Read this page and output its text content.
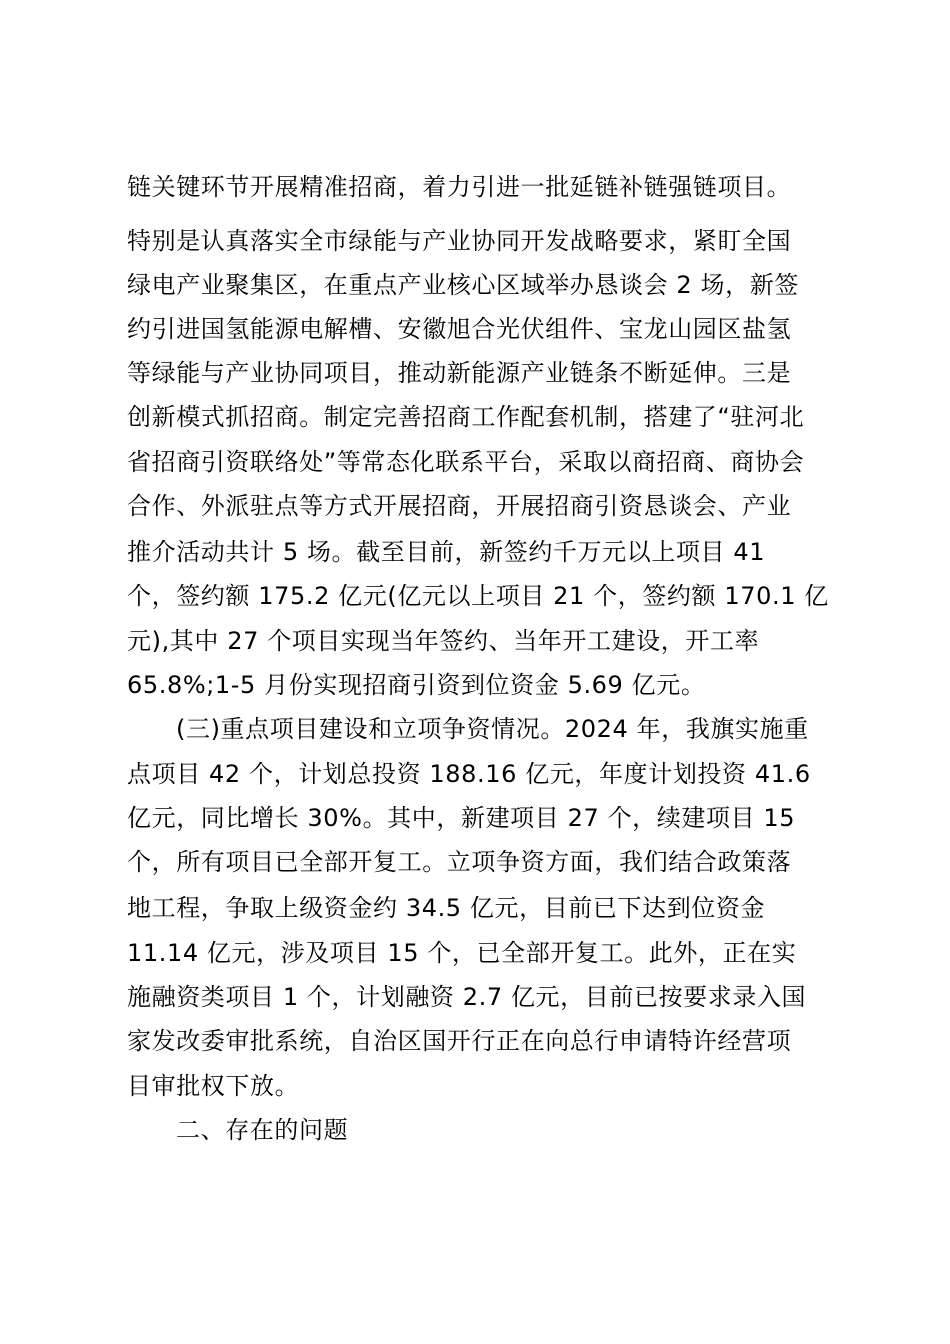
链关键环节开展精准招商，着力引进一批延链补链强链项目。
特别是认真落实全市绿能与产业协同开发战略要求，紧盯全国
绿电产业聚集区，在重点产业核心区域举办恳谈会 2 场，新签
约引进国氢能源电解槽、安徽旭合光伏组件、宝龙山园区盐氢
等绿能与产业协同项目，推动新能源产业链条不断延伸。三是
创新模式抓招商。制定完善招商工作配套机制，搭建了“驻河北
省招商引资联络处”等常态化联系平台，采取以商招商、商协会
合作、外派驻点等方式开展招商，开展招商引资恳谈会、产业
推介活动共计 5 场。截至目前，新签约千万元以上项目 41
个，签约额 175.2 亿元(亿元以上项目 21 个，签约额 170.1 亿
元),其中 27 个项目实现当年签约、当年开工建设，开工率
65.8%;1-5 月份实现招商引资到位资金 5.69 亿元。
(三)重点项目建设和立项争资情况。2024 年，我旗实施重
点项目 42 个，计划总投资 188.16 亿元，年度计划投资 41.6
亿元，同比增长 30%。其中，新建项目 27 个，续建项目 15
个，所有项目已全部开复工。立项争资方面，我们结合政策落
地工程，争取上级资金约 34.5 亿元，目前已下达到位资金
11.14 亿元，涉及项目 15 个，已全部开复工。此外，正在实
施融资类项目 1 个，计划融资 2.7 亿元，目前已按要求录入国
家发改委审批系统，自治区国开行正在向总行申请特许经营项
目审批权下放。
二、存在的问题
